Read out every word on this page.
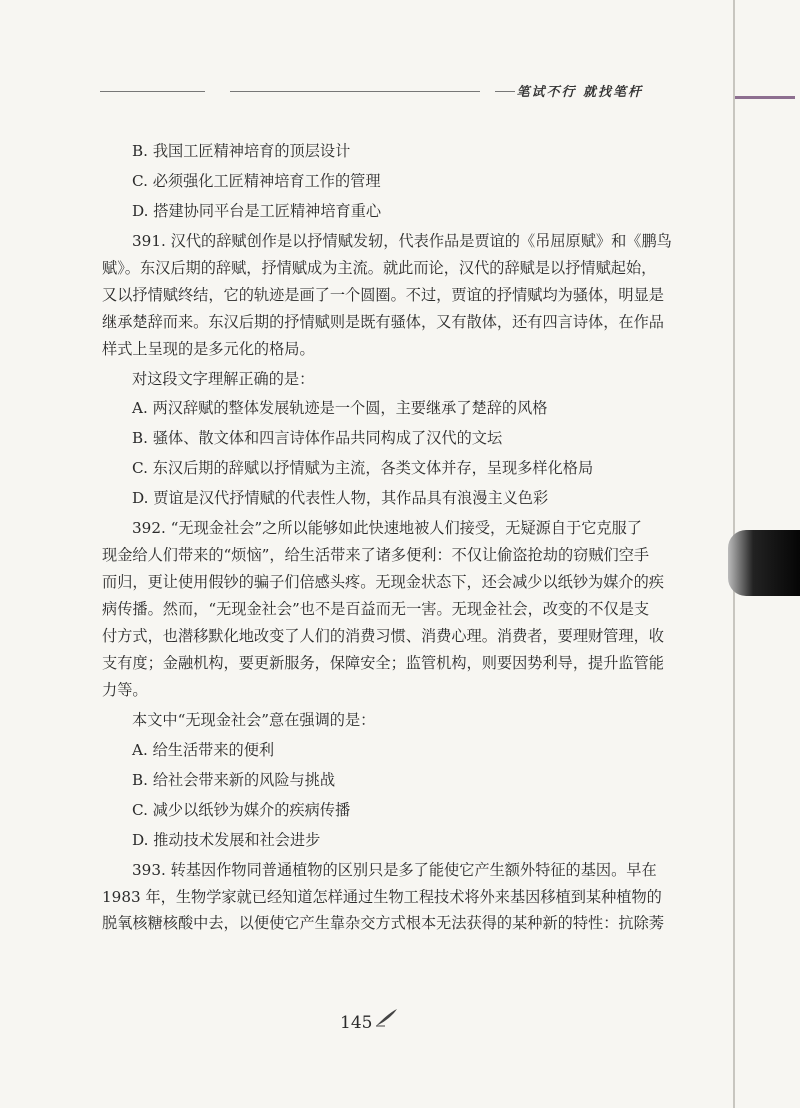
笔试不行 就找笔杆
B. 我国工匠精神培育的顶层设计
C. 必须强化工匠精神培育工作的管理
D. 搭建协同平台是工匠精神培育重心
391. 汉代的辞赋创作是以抒情赋发轫，代表作品是贾谊的《吊屈原赋》和《鹏鸟
赋》。东汉后期的辞赋，抒情赋成为主流。就此而论，汉代的辞赋是以抒情赋起始，
又以抒情赋终结，它的轨迹是画了一个圆圈。不过，贾谊的抒情赋均为骚体，明显是
继承楚辞而来。东汉后期的抒情赋则是既有骚体，又有散体，还有四言诗体，在作品
样式上呈现的是多元化的格局。
对这段文字理解正确的是：
A. 两汉辞赋的整体发展轨迹是一个圆，主要继承了楚辞的风格
B. 骚体、散文体和四言诗体作品共同构成了汉代的文坛
C. 东汉后期的辞赋以抒情赋为主流，各类文体并存，呈现多样化格局
D. 贾谊是汉代抒情赋的代表性人物，其作品具有浪漫主义色彩
392. “无现金社会”之所以能够如此快速地被人们接受，无疑源自于它克服了
现金给人们带来的“烦恼”，给生活带来了诸多便利：不仅让偷盗抢劫的窃贼们空手
而归，更让使用假钞的骗子们倍感头疼。无现金状态下，还会减少以纸钞为媒介的疾
病传播。然而，“无现金社会”也不是百益而无一害。无现金社会，改变的不仅是支
付方式，也潜移默化地改变了人们的消费习惯、消费心理。消费者，要理财管理，收
支有度；金融机构，要更新服务，保障安全；监管机构，则要因势利导，提升监管能
力等。
本文中“无现金社会”意在强调的是：
A. 给生活带来的便利
B. 给社会带来新的风险与挑战
C. 减少以纸钞为媒介的疾病传播
D. 推动技术发展和社会进步
393. 转基因作物同普通植物的区别只是多了能使它产生额外特征的基因。早在
1983 年，生物学家就已经知道怎样通过生物工程技术将外来基因移植到某种植物的
脱氧核糖核酸中去，以便使它产生靠杂交方式根本无法获得的某种新的特性：抗除莠
145
